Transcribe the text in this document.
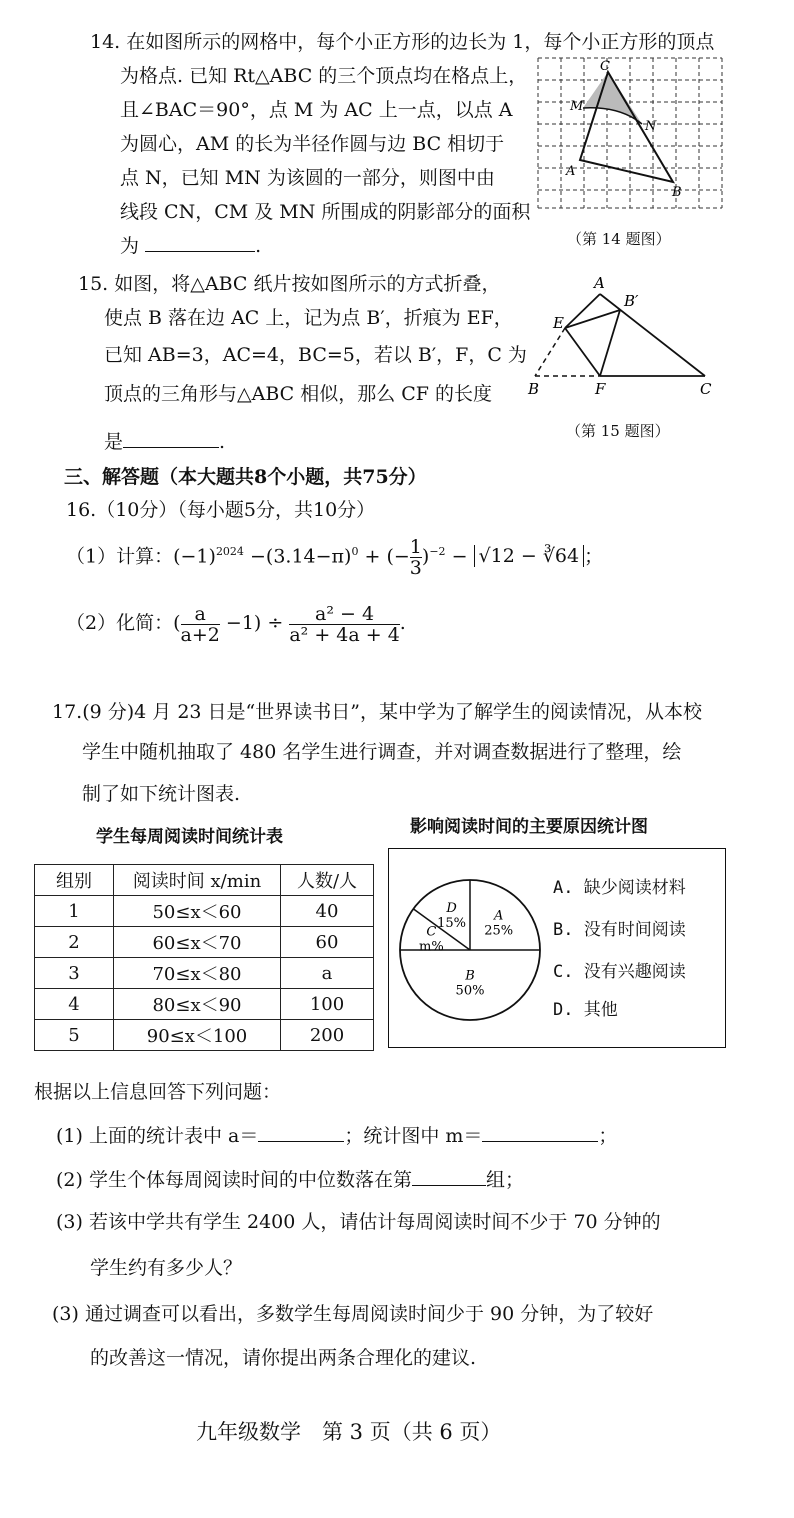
14. 在如图所示的网格中，每个小正方形的边长为 1，每个小正方形的顶点
为格点. 已知 Rt△ABC 的三个顶点均在格点上，
且∠BAC＝90°，点 M 为 AC 上一点，以点 A
为圆心，AM 的长为半径作圆与边 BC 相切于
点 N，已知 MN 为该圆的一部分，则图中由
线段 CN，CM 及 MN 所围成的阴影部分的面积
为	.
C
M
N
A
B
（第 14 题图）
15. 如图，将△ABC 纸片按如图所示的方式折叠，
使点 B 落在边 AC 上，记为点 B′，折痕为 EF，
已知 AB=3，AC=4，BC=5，若以 B′，F，C 为
顶点的三角形与△ABC 相似，那么 CF 的长度
是	.
A
B′
E
B	F	C
（第 15 题图）
三、解答题（本大题共8个小题，共75分）
16.（10分）（每小题5分，共10分）
（1）计算：$(-1)^{2024} -(3.14-\pi)^0$ + (− $\frac{1}{3} )^{-2} - √12$ − ∛64 ；
（2）化简：( $\frac{a}{a+2} -1) \div \frac{\text{a² − 4}}{\text{a² + 4a + 4}}$ .
17.(9 分)4 月 23 日是“世界读书日”，某中学为了解学生的阅读情况，从本校
学生中随机抽取了 480 名学生进行调查，并对调查数据进行了整理，绘
制了如下统计图表.
学生每周阅读时间统计表	影响阅读时间的主要原因统计图
组别	阅读时间 x/min	人数/人
1	50≤x＜60	40
2	60≤x＜70	60
3	70≤x＜80	a
4	80≤x＜90	100
5	90≤x＜100	200
A
25%
B
50%
C
m%
D
15%
A. 缺少阅读材料
B. 没有时间阅读
C. 没有兴趣阅读
D. 其他
根据以上信息回答下列问题：
(1) 上面的统计表中 a＝	；统计图中 m＝	；
(2) 学生个体每周阅读时间的中位数落在第	组；
(3) 若该中学共有学生 2400 人，请估计每周阅读时间不少于 70 分钟的
学生约有多少人？
(3) 通过调查可以看出，多数学生每周阅读时间少于 90 分钟，为了较好
的改善这一情况，请你提出两条合理化的建议.
九年级数学　第 3 页（共 6 页）
